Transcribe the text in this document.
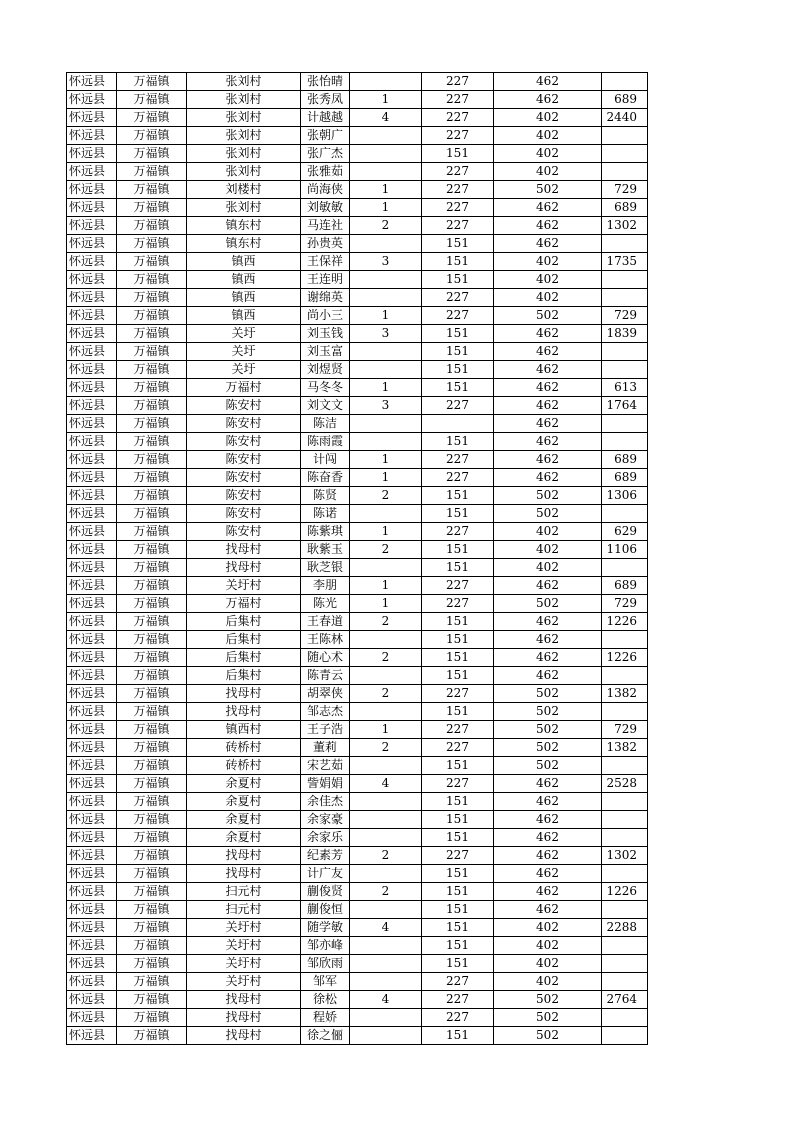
怀远县	万福镇	张刘村	张怡晴		227	462	
怀远县	万福镇	张刘村	张秀凤	1	227	462	689
怀远县	万福镇	张刘村	计越越	4	227	402	2440
怀远县	万福镇	张刘村	张朝广		227	402	
怀远县	万福镇	张刘村	张广杰		151	402	
怀远县	万福镇	张刘村	张雅茹		227	402	
怀远县	万福镇	刘楼村	尚海侠	1	227	502	729
怀远县	万福镇	张刘村	刘敏敏	1	227	462	689
怀远县	万福镇	镇东村	马连社	2	227	462	1302
怀远县	万福镇	镇东村	孙贵英		151	462	
怀远县	万福镇	镇西	王保祥	3	151	402	1735
怀远县	万福镇	镇西	王连明		151	402	
怀远县	万福镇	镇西	谢绵英		227	402	
怀远县	万福镇	镇西	尚小三	1	227	502	729
怀远县	万福镇	关圩	刘玉钱	3	151	462	1839
怀远县	万福镇	关圩	刘玉富		151	462	
怀远县	万福镇	关圩	刘煜贤		151	462	
怀远县	万福镇	万福村	马冬冬	1	151	462	613
怀远县	万福镇	陈安村	刘文文	3	227	462	1764
怀远县	万福镇	陈安村	陈洁			462	
怀远县	万福镇	陈安村	陈雨霞		151	462	
怀远县	万福镇	陈安村	计闯	1	227	462	689
怀远县	万福镇	陈安村	陈奋香	1	227	462	689
怀远县	万福镇	陈安村	陈贤	2	151	502	1306
怀远县	万福镇	陈安村	陈诺		151	502	
怀远县	万福镇	陈安村	陈紫琪	1	227	402	629
怀远县	万福镇	找母村	耿紫玉	2	151	402	1106
怀远县	万福镇	找母村	耿芝银		151	402	
怀远县	万福镇	关圩村	李朋	1	227	462	689
怀远县	万福镇	万福村	陈光	1	227	502	729
怀远县	万福镇	后集村	王春道	2	151	462	1226
怀远县	万福镇	后集村	王陈林		151	462	
怀远县	万福镇	后集村	随心术	2	151	462	1226
怀远县	万福镇	后集村	陈青云		151	462	
怀远县	万福镇	找母村	胡翠侠	2	227	502	1382
怀远县	万福镇	找母村	邹志杰		151	502	
怀远县	万福镇	镇西村	王子浩	1	227	502	729
怀远县	万福镇	砖桥村	董莉	2	227	502	1382
怀远县	万福镇	砖桥村	宋艺茹		151	502	
怀远县	万福镇	余夏村	訾娟娟	4	227	462	2528
怀远县	万福镇	余夏村	余佳杰		151	462	
怀远县	万福镇	余夏村	余家豪		151	462	
怀远县	万福镇	余夏村	余家乐		151	462	
怀远县	万福镇	找母村	纪素芳	2	227	462	1302
怀远县	万福镇	找母村	计广友		151	462	
怀远县	万福镇	扫元村	蒯俊贤	2	151	462	1226
怀远县	万福镇	扫元村	蒯俊恒		151	462	
怀远县	万福镇	关圩村	随学敏	4	151	402	2288
怀远县	万福镇	关圩村	邹亦峰		151	402	
怀远县	万福镇	关圩村	邹欣雨		151	402	
怀远县	万福镇	关圩村	邹军		227	402	
怀远县	万福镇	找母村	徐松	4	227	502	2764
怀远县	万福镇	找母村	程娇		227	502	
怀远县	万福镇	找母村	徐之俪		151	502	
